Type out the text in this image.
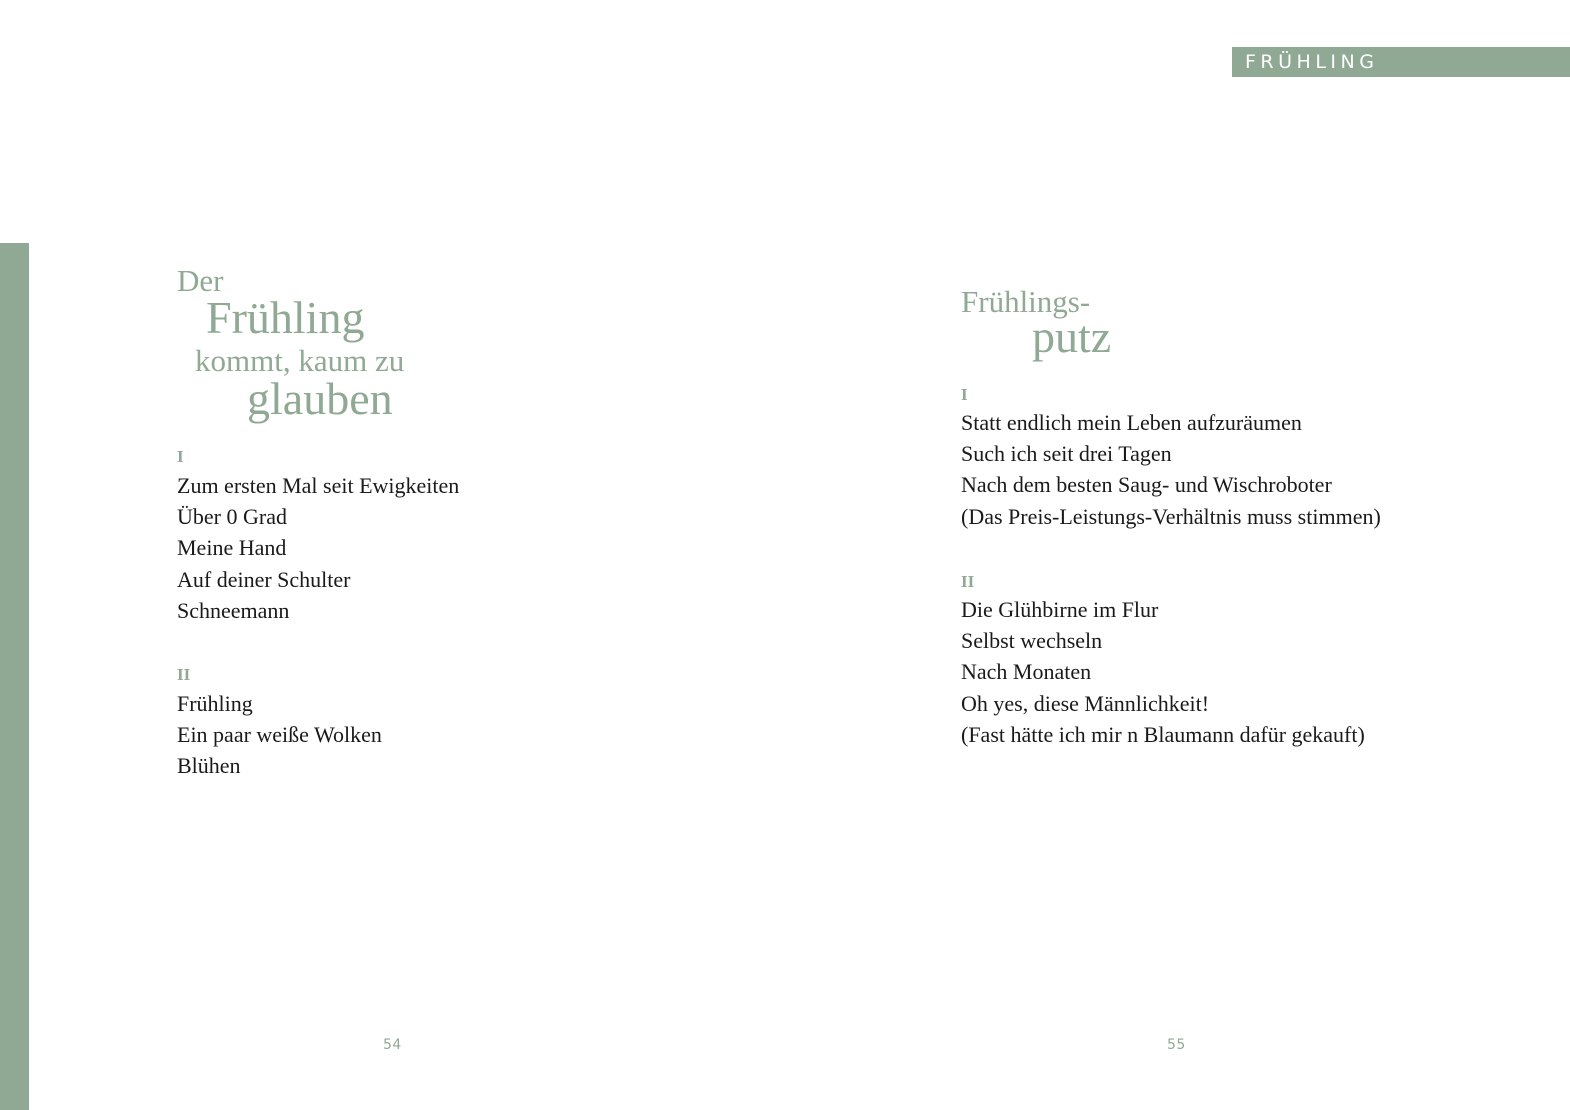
FRÜHLING
Der
Frühling
kommt, kaum zu
glauben
I
Zum ersten Mal seit Ewigkeiten
Über 0 Grad
Meine Hand
Auf deiner Schulter
Schneemann
II
Frühling
Ein paar weiße Wolken
Blühen
54
Frühlings-
putz
I
Statt endlich mein Leben aufzuräumen
Such ich seit drei Tagen
Nach dem besten Saug- und Wischroboter
(Das Preis-Leistungs-Verhältnis muss stimmen)
II
Die Glühbirne im Flur
Selbst wechseln
Nach Monaten
Oh yes, diese Männlichkeit!
(Fast hätte ich mir n Blaumann dafür gekauft)
55
